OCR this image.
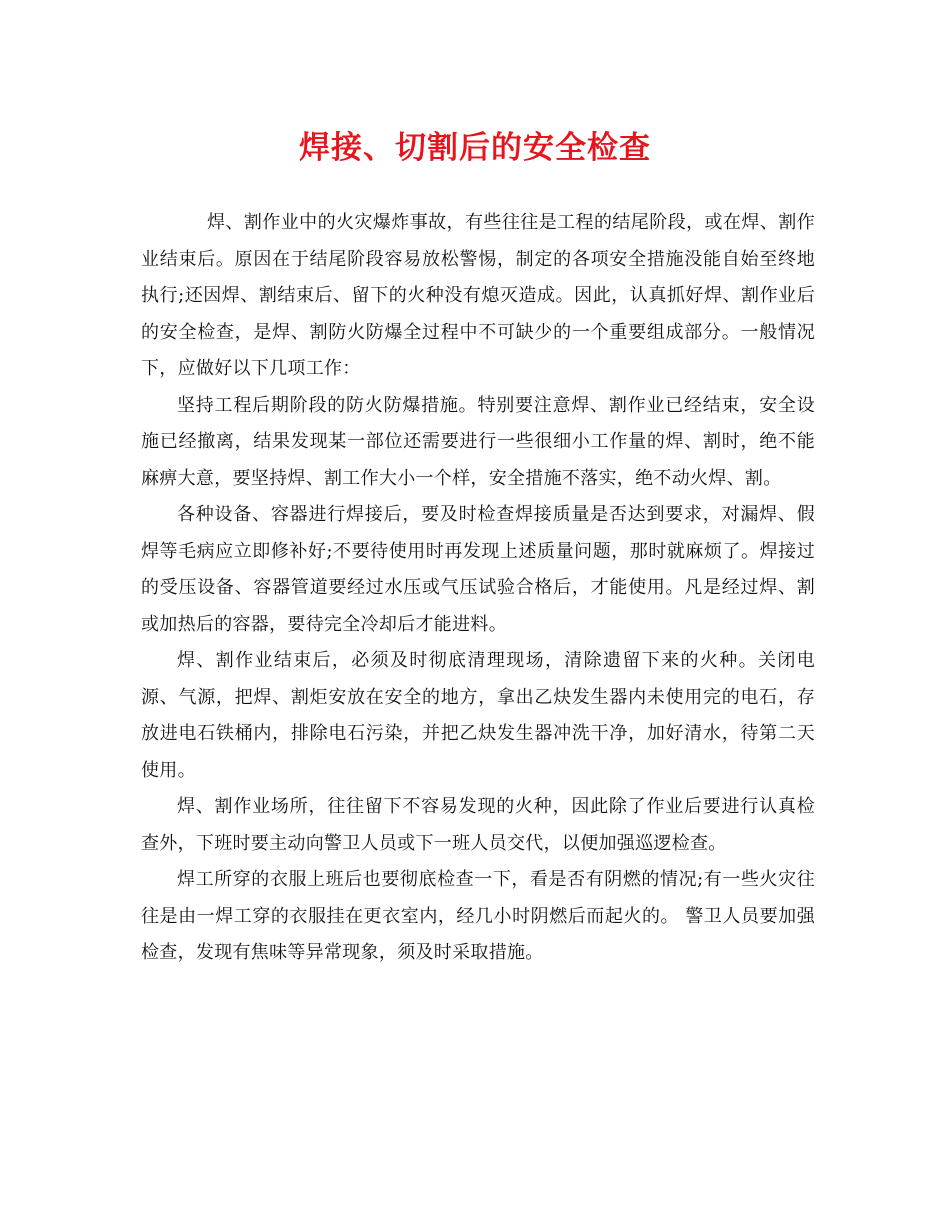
焊接、切割后的安全检查

焊、割作业中的火灾爆炸事故，有些往往是工程的结尾阶段，或在焊、割作业结束后。原因在于结尾阶段容易放松警惕，制定的各项安全措施没能自始至终地执行;还因焊、割结束后、留下的火种没有熄灭造成。因此，认真抓好焊、割作业后的安全检查，是焊、割防火防爆全过程中不可缺少的一个重要组成部分。一般情况下，应做好以下几项工作：

坚持工程后期阶段的防火防爆措施。特别要注意焊、割作业已经结束，安全设施已经撤离，结果发现某一部位还需要进行一些很细小工作量的焊、割时，绝不能麻痹大意，要坚持焊、割工作大小一个样，安全措施不落实，绝不动火焊、割。

各种设备、容器进行焊接后，要及时检查焊接质量是否达到要求，对漏焊、假焊等毛病应立即修补好;不要待使用时再发现上述质量问题，那时就麻烦了。焊接过的受压设备、容器管道要经过水压或气压试验合格后，才能使用。凡是经过焊、割或加热后的容器，要待完全冷却后才能进料。

焊、割作业结束后，必须及时彻底清理现场，清除遗留下来的火种。关闭电源、气源，把焊、割炬安放在安全的地方，拿出乙炔发生器内未使用完的电石，存放进电石铁桶内，排除电石污染，并把乙炔发生器冲洗干净，加好清水，待第二天使用。

焊、割作业场所，往往留下不容易发现的火种，因此除了作业后要进行认真检查外，下班时要主动向警卫人员或下一班人员交代，以便加强巡逻检查。

焊工所穿的衣服上班后也要彻底检查一下，看是否有阴燃的情况;有一些火灾往往是由一焊工穿的衣服挂在更衣室内，经几小时阴燃后而起火的。 警卫人员要加强检查，发现有焦味等异常现象，须及时采取措施。
